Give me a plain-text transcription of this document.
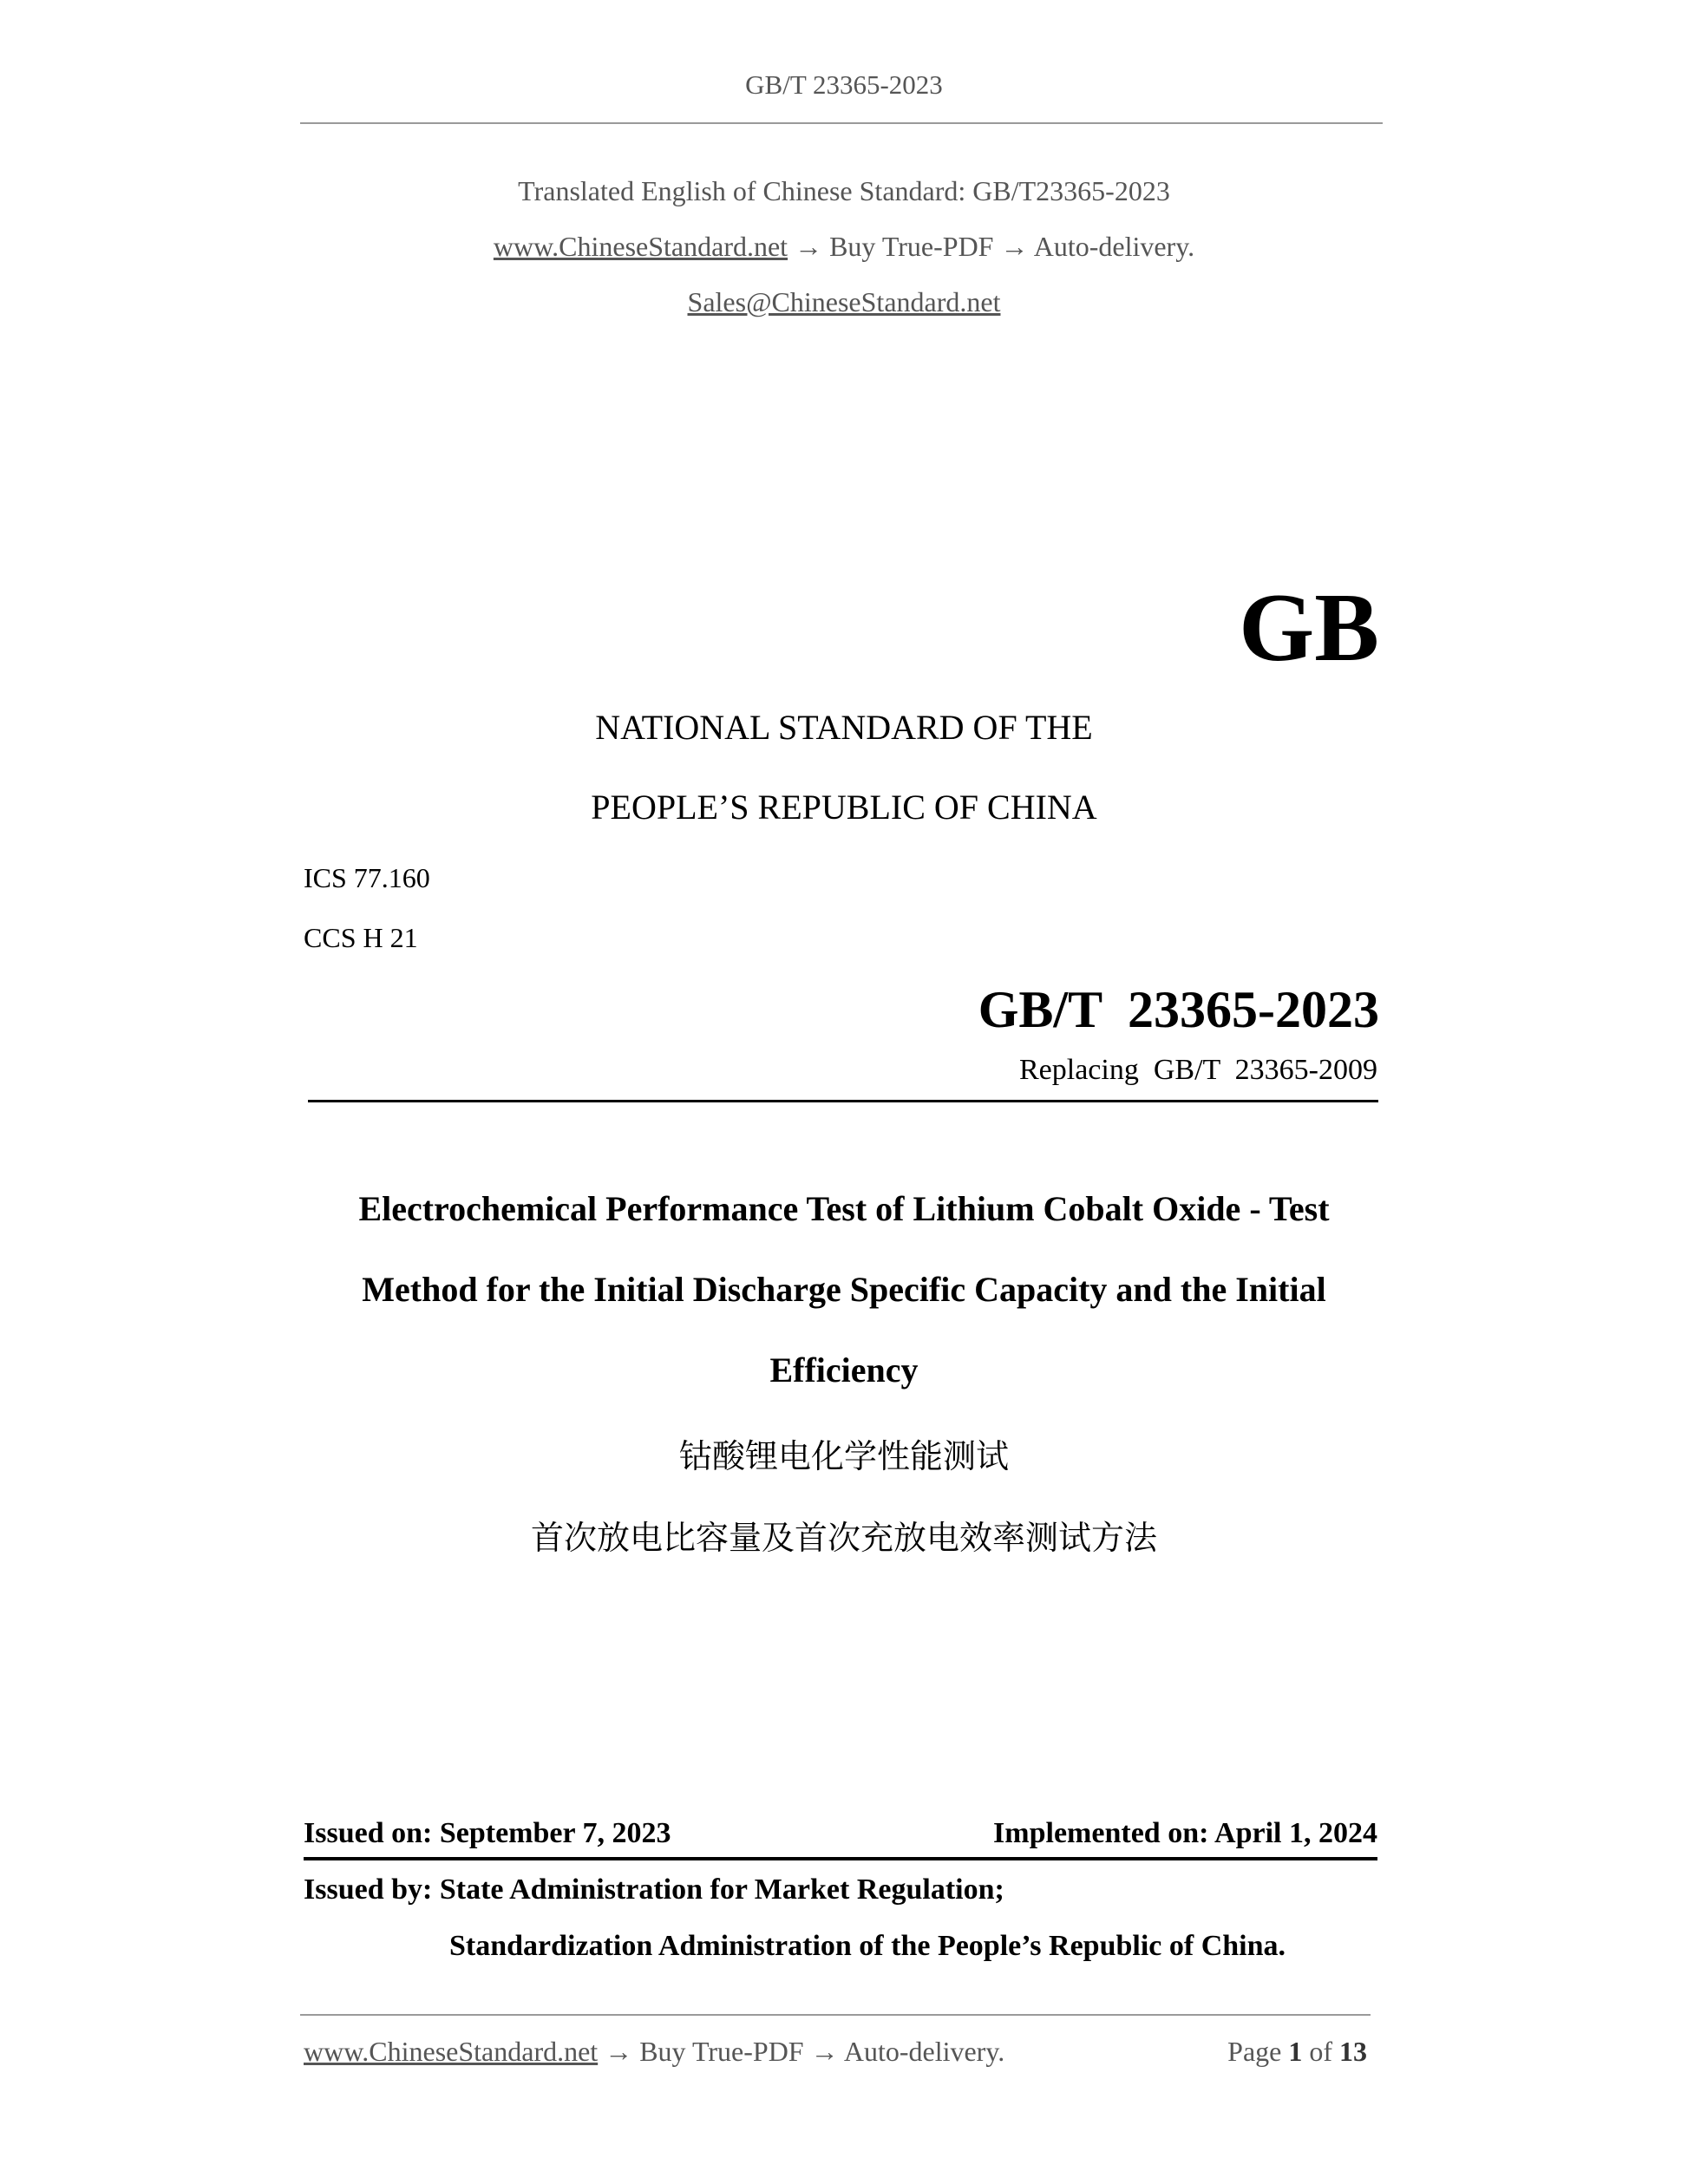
GB/T 23365-2023
Translated English of Chinese Standard: GB/T23365-2023
www.ChineseStandard.net → Buy True-PDF → Auto-delivery.
Sales@ChineseStandard.net
GB
NATIONAL STANDARD OF THE
PEOPLE’S REPUBLIC OF CHINA
ICS 77.160
CCS H 21
GB/T  23365-2023
Replacing  GB/T  23365-2009
Electrochemical Performance Test of Lithium Cobalt Oxide - Test
Method for the Initial Discharge Specific Capacity and the Initial
Efficiency
钴酸锂电化学性能测试
首次放电比容量及首次充放电效率测试方法
Issued on: September 7, 2023	Implemented on: April 1, 2024
Issued by: State Administration for Market Regulation;
Standardization Administration of the People’s Republic of China.
www.ChineseStandard.net → Buy True-PDF → Auto-delivery.	Page 1 of 13
